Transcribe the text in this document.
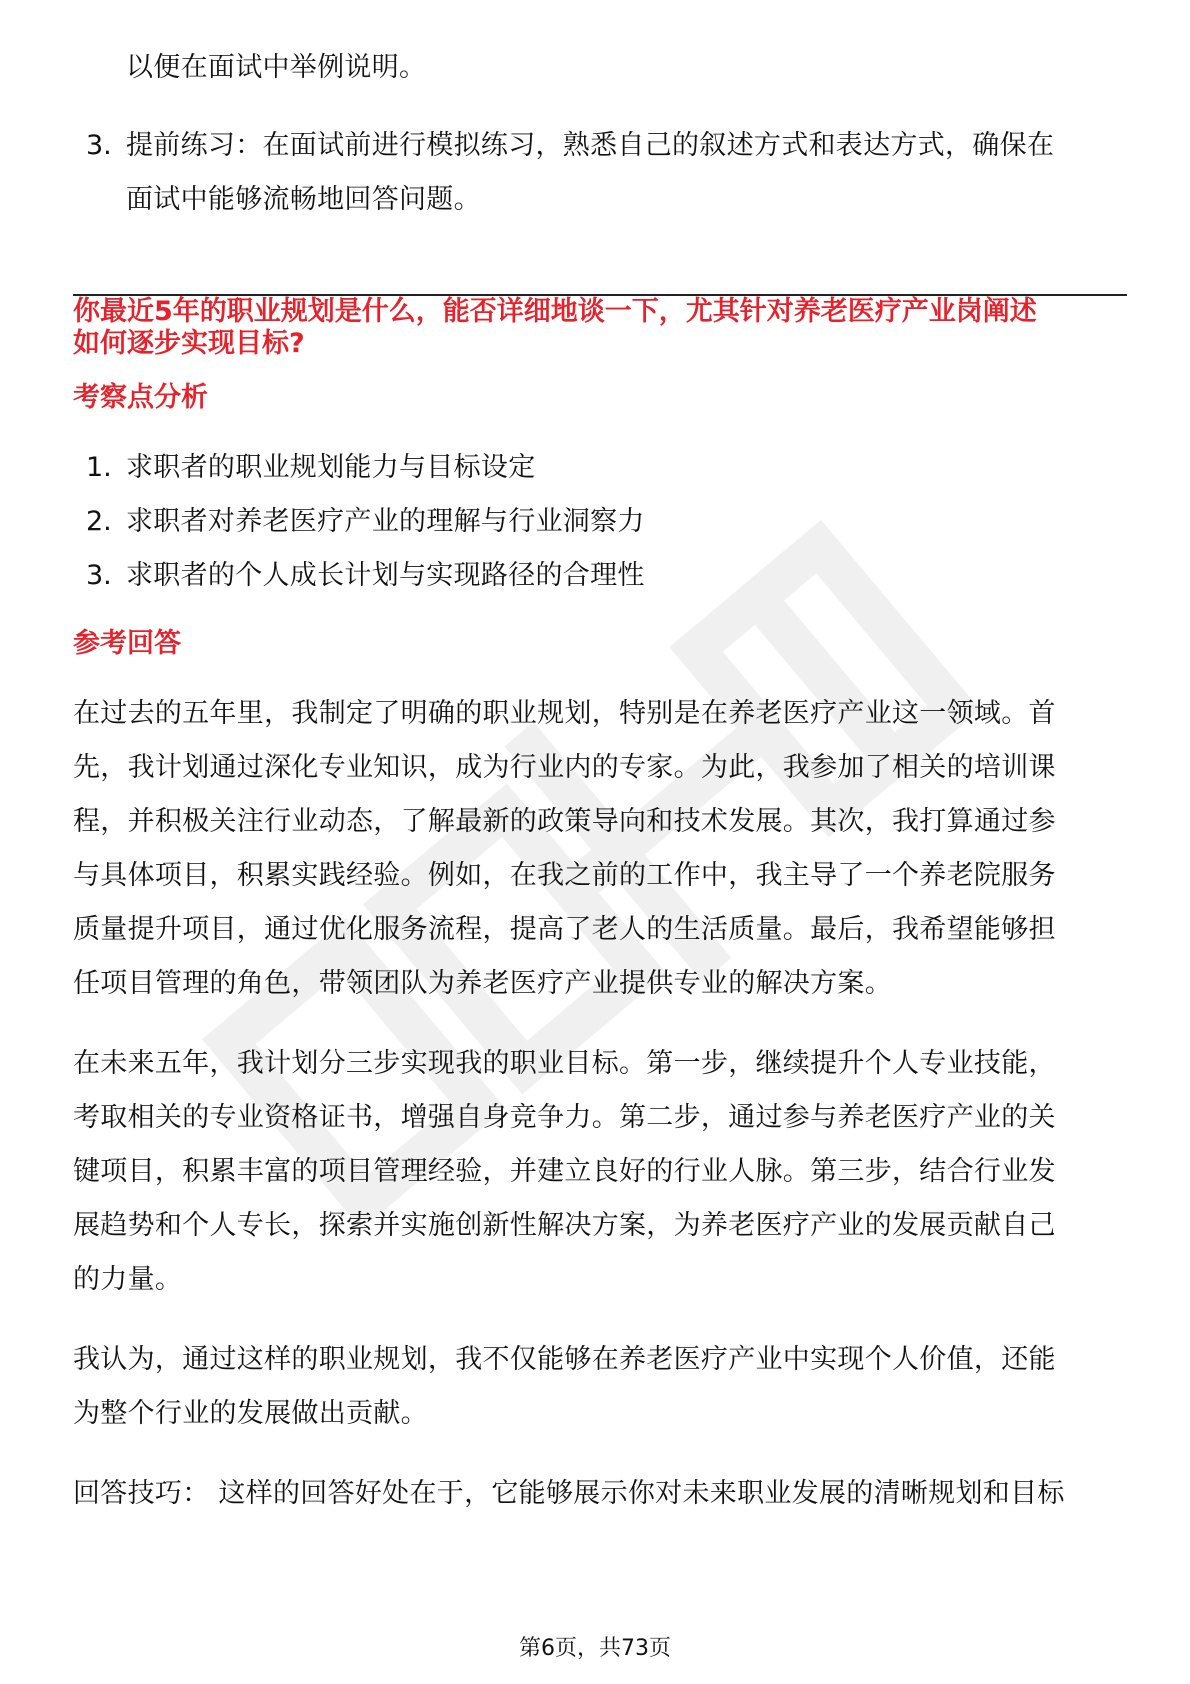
以便在面试中举例说明。
3. 提前练习：在面试前进行模拟练习，熟悉自己的叙述方式和表达方式，确保在
面试中能够流畅地回答问题。
你最近5年的职业规划是什么，能否详细地谈一下，尤其针对养老医疗产业岗阐述
如何逐步实现目标?
考察点分析
1. 求职者的职业规划能力与目标设定
2. 求职者对养老医疗产业的理解与行业洞察力
3. 求职者的个人成长计划与实现路径的合理性
参考回答
在过去的五年里，我制定了明确的职业规划，特别是在养老医疗产业这一领域。首
先，我计划通过深化专业知识，成为行业内的专家。为此，我参加了相关的培训课
程，并积极关注行业动态，了解最新的政策导向和技术发展。其次，我打算通过参
与具体项目，积累实践经验。例如，在我之前的工作中，我主导了一个养老院服务
质量提升项目，通过优化服务流程，提高了老人的生活质量。最后，我希望能够担
任项目管理的角色，带领团队为养老医疗产业提供专业的解决方案。
在未来五年，我计划分三步实现我的职业目标。第一步，继续提升个人专业技能，
考取相关的专业资格证书，增强自身竞争力。第二步，通过参与养老医疗产业的关
键项目，积累丰富的项目管理经验，并建立良好的行业人脉。第三步，结合行业发
展趋势和个人专长，探索并实施创新性解决方案，为养老医疗产业的发展贡献自己
的力量。
我认为，通过这样的职业规划，我不仅能够在养老医疗产业中实现个人价值，还能
为整个行业的发展做出贡献。
回答技巧： 这样的回答好处在于，它能够展示你对未来职业发展的清晰规划和目标
第6页，共73页
